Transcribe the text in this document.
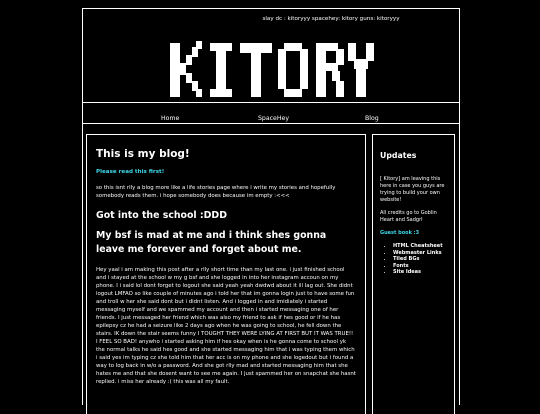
slay dc : kitoryyy spacehey: kitory guns: kitoryyy
Home	SpaceHey	Blog
This is my blog!

Please read this first!

so this isnt rlly a blog more like a life stories page where i write my stories and hopefully somebody reads them. i hope somebody does because im empty :<<<

Got into the school :DDD
My bsf is mad at me and i think shes gonna leave me forever and forget about me.

Hey yaal i am making this post after a rlly short time than my last one. i just finished school and i stayed at the school w my g bsf and she logged in into her instagram accoun on my phone. I i said lol dont forget to logout she said yeah yeah dwdwd about it ill lag out. She didnt logout LMFAO so like couple of minutes ago i told her that im gonna login just to have some fun and troll w her she said dont but i didnt listen. And i logged in and imidiately i started messaging myself and we spammed my account and then i started messaging one of her friends. I just messaged her friend which was also my friend to ask if hes good or if he has epilepsy cz he had a seizure like 2 days ago when he was going to school, he fell down the stairs. IK down the stair seems funny I TOUGHT THEY WERE LYING AT FIRST BUT IT WAS TRUE!! I FEEL SO BAD! anywho i started asking him if hes okay when is he gonna come to school yk the normal talks he said hes good and she started messaging him that i was typing them which i said yes im typing cz she told him that her acc is on my phone and she logedout but i found a way to log back in w/o a password. And she got rlly mad and started messaging him that she hates me and that she dosent want to see me again. I just spammed her on snapchat she hasnt replied. i miss her already :( this was all my fault.

Updates

[ Kitory] am leaving this here in case you guys are trying to build your own website!

All credits go to Goblin Heart and Sadgrl

Guest book :3

• HTML Cheatsheet
• Webmaster Links
• Tiled BGs
• Fonts
• Site Ideas
